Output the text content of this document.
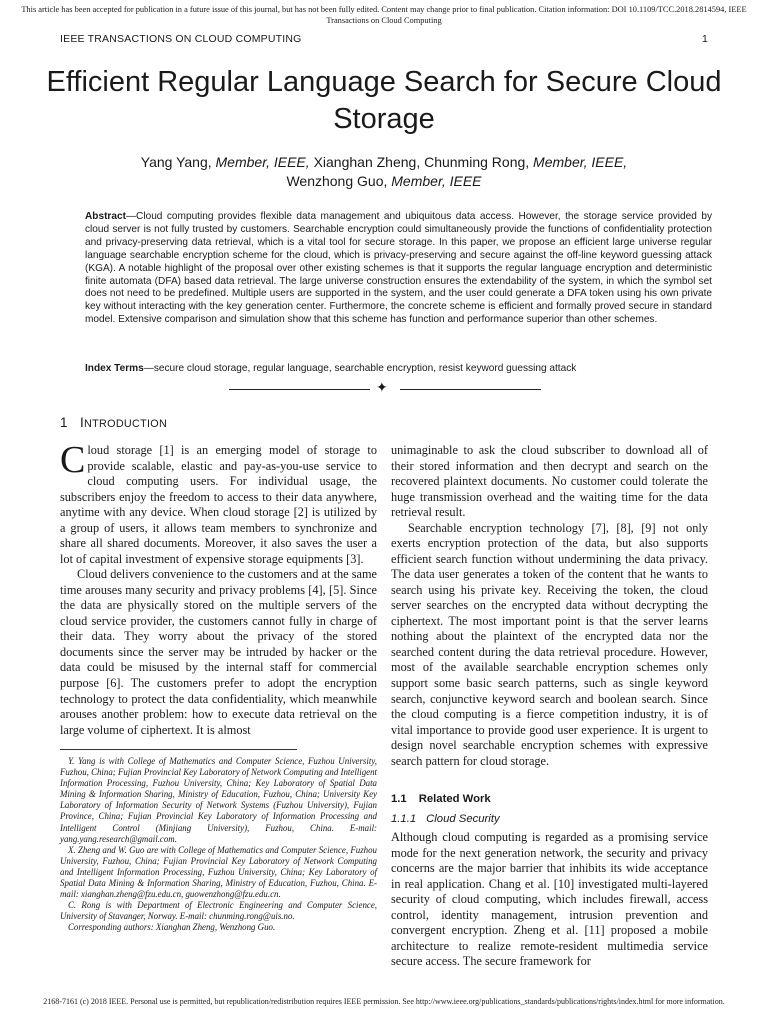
This article has been accepted for publication in a future issue of this journal, but has not been fully edited. Content may change prior to final publication. Citation information: DOI 10.1109/TCC.2018.2814594, IEEE Transactions on Cloud Computing
IEEE TRANSACTIONS ON CLOUD COMPUTING	1
Efficient Regular Language Search for Secure Cloud Storage
Yang Yang, Member, IEEE, Xianghan Zheng, Chunming Rong, Member, IEEE,
Wenzhong Guo, Member, IEEE

Abstract—Cloud computing provides flexible data management and ubiquitous data access. However, the storage service provided by cloud server is not fully trusted by customers. Searchable encryption could simultaneously provide the functions of confidentiality protection and privacy-preserving data retrieval, which is a vital tool for secure storage. In this paper, we propose an efficient large universe regular language searchable encryption scheme for the cloud, which is privacy-preserving and secure against the off-line keyword guessing attack (KGA). A notable highlight of the proposal over other existing schemes is that it supports the regular language encryption and deterministic finite automata (DFA) based data retrieval. The large universe construction ensures the extendability of the system, in which the symbol set does not need to be predefined. Multiple users are supported in the system, and the user could generate a DFA token using his own private key without interacting with the key generation center. Furthermore, the concrete scheme is efficient and formally proved secure in standard model. Extensive comparison and simulation show that this scheme has function and performance superior than other schemes.

Index Terms—secure cloud storage, regular language, searchable encryption, resist keyword guessing attack

✦
1 INTRODUCTION

Cloud storage [1] is an emerging model of storage to provide scalable, elastic and pay-as-you-use service to cloud computing users. For individual usage, the subscribers enjoy the freedom to access to their data anywhere, anytime with any device. When cloud storage [2] is utilized by a group of users, it allows team members to synchronize and share all shared documents. Moreover, it also saves the user a lot of capital investment of expensive storage equipments [3].

Cloud delivers convenience to the customers and at the same time arouses many security and privacy problems [4], [5]. Since the data are physically stored on the multiple servers of the cloud service provider, the customers cannot fully in charge of their data. They worry about the privacy of the stored documents since the server may be intruded by hacker or the data could be misused by the internal staff for commercial purpose [6]. The customers prefer to adopt the encryption technology to protect the data confidentiality, which meanwhile arouses another problem: how to execute data retrieval on the large volume of ciphertext. It is almost

Y. Yang is with College of Mathematics and Computer Science, Fuzhou University, Fuzhou, China; Fujian Provincial Key Laboratory of Network Computing and Intelligent Information Processing, Fuzhou University, China; Key Laboratory of Spatial Data Mining & Information Sharing, Ministry of Education, Fuzhou, China; University Key Laboratory of Information Security of Network Systems (Fuzhou University), Fujian Province, China; Fujian Provincial Key Laboratory of Information Processing and Intelligent Control (Minjiang University), Fuzhou, China. E-mail: yang.yang.research@gmail.com.

X. Zheng and W. Guo are with College of Mathematics and Computer Science, Fuzhou University, Fuzhou, China; Fujian Provincial Key Laboratory of Network Computing and Intelligent Information Processing, Fuzhou University, China; Key Laboratory of Spatial Data Mining & Information Sharing, Ministry of Education, Fuzhou, China. E-mail: xianghan.zheng@fzu.edu.cn, guowenzhong@fzu.edu.cn.

C. Rong is with Department of Electronic Engineering and Computer Science, University of Stavanger, Norway. E-mail: chunming.rong@uis.no.

Corresponding authors: Xianghan Zheng, Wenzhong Guo.

unimaginable to ask the cloud subscriber to download all of their stored information and then decrypt and search on the recovered plaintext documents. No customer could tolerate the huge transmission overhead and the waiting time for the data retrieval result.

Searchable encryption technology [7], [8], [9] not only exerts encryption protection of the data, but also supports efficient search function without undermining the data privacy. The data user generates a token of the content that he wants to search using his private key. Receiving the token, the cloud server searches on the encrypted data without decrypting the ciphertext. The most important point is that the server learns nothing about the plaintext of the encrypted data nor the searched content during the data retrieval procedure. However, most of the available searchable encryption schemes only support some basic search patterns, such as single keyword search, conjunctive keyword search and boolean search. Since the cloud computing is a fierce competition industry, it is of vital importance to provide good user experience. It is urgent to design novel searchable encryption schemes with expressive search pattern for cloud storage.

1.1 Related Work
1.1.1 Cloud Security

Although cloud computing is regarded as a promising service mode for the next generation network, the security and privacy concerns are the major barrier that inhibits its wide acceptance in real application. Chang et al. [10] investigated multi-layered security of cloud computing, which includes firewall, access control, identity management, intrusion prevention and convergent encryption. Zheng et al. [11] proposed a mobile architecture to realize remote-resident multimedia service secure access. The secure framework for

2168-7161 (c) 2018 IEEE. Personal use is permitted, but republication/redistribution requires IEEE permission. See http://www.ieee.org/publications_standards/publications/rights/index.html for more information.
